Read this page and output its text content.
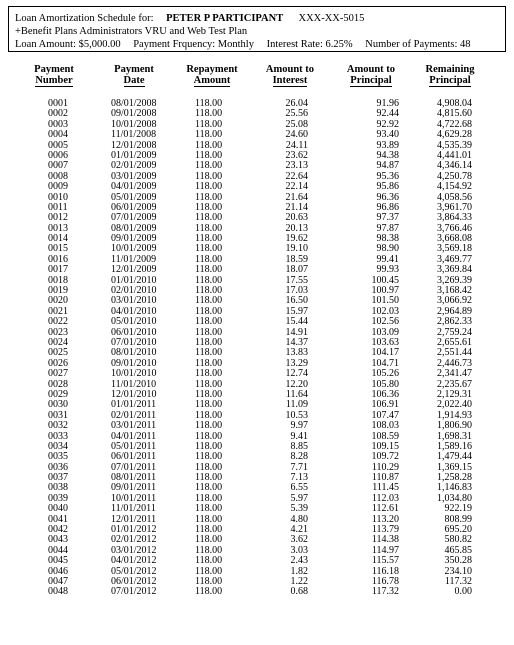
Loan Amortization Schedule for: PETER P PARTICIPANT XXX-XX-5015
+Benefit Plans Administrators VRU and Web Test Plan
Loan Amount: $5,000.00 Payment Frquency: Monthly Interest Rate: 6.25% Number of Payments: 48
Payment
Number
Payment
Date
Repayment
Amount
Amount to
Interest
Amount to
Principal
Remaining
Principal
0001	08/01/2008	118.00	26.04	91.96	4,908.04
0002	09/01/2008	118.00	25.56	92.44	4,815.60
0003	10/01/2008	118.00	25.08	92.92	4,722.68
0004	11/01/2008	118.00	24.60	93.40	4,629.28
0005	12/01/2008	118.00	24.11	93.89	4,535.39
0006	01/01/2009	118.00	23.62	94.38	4,441.01
0007	02/01/2009	118.00	23.13	94.87	4,346.14
0008	03/01/2009	118.00	22.64	95.36	4,250.78
0009	04/01/2009	118.00	22.14	95.86	4,154.92
0010	05/01/2009	118.00	21.64	96.36	4,058.56
0011	06/01/2009	118.00	21.14	96.86	3,961.70
0012	07/01/2009	118.00	20.63	97.37	3,864.33
0013	08/01/2009	118.00	20.13	97.87	3,766.46
0014	09/01/2009	118.00	19.62	98.38	3,668.08
0015	10/01/2009	118.00	19.10	98.90	3,569.18
0016	11/01/2009	118.00	18.59	99.41	3,469.77
0017	12/01/2009	118.00	18.07	99.93	3,369.84
0018	01/01/2010	118.00	17.55	100.45	3,269.39
0019	02/01/2010	118.00	17.03	100.97	3,168.42
0020	03/01/2010	118.00	16.50	101.50	3,066.92
0021	04/01/2010	118.00	15.97	102.03	2,964.89
0022	05/01/2010	118.00	15.44	102.56	2,862.33
0023	06/01/2010	118.00	14.91	103.09	2,759.24
0024	07/01/2010	118.00	14.37	103.63	2,655.61
0025	08/01/2010	118.00	13.83	104.17	2,551.44
0026	09/01/2010	118.00	13.29	104.71	2,446.73
0027	10/01/2010	118.00	12.74	105.26	2,341.47
0028	11/01/2010	118.00	12.20	105.80	2,235.67
0029	12/01/2010	118.00	11.64	106.36	2,129.31
0030	01/01/2011	118.00	11.09	106.91	2,022.40
0031	02/01/2011	118.00	10.53	107.47	1,914.93
0032	03/01/2011	118.00	9.97	108.03	1,806.90
0033	04/01/2011	118.00	9.41	108.59	1,698.31
0034	05/01/2011	118.00	8.85	109.15	1,589.16
0035	06/01/2011	118.00	8.28	109.72	1,479.44
0036	07/01/2011	118.00	7.71	110.29	1,369.15
0037	08/01/2011	118.00	7.13	110.87	1,258.28
0038	09/01/2011	118.00	6.55	111.45	1,146.83
0039	10/01/2011	118.00	5.97	112.03	1,034.80
0040	11/01/2011	118.00	5.39	112.61	922.19
0041	12/01/2011	118.00	4.80	113.20	808.99
0042	01/01/2012	118.00	4.21	113.79	695.20
0043	02/01/2012	118.00	3.62	114.38	580.82
0044	03/01/2012	118.00	3.03	114.97	465.85
0045	04/01/2012	118.00	2.43	115.57	350.28
0046	05/01/2012	118.00	1.82	116.18	234.10
0047	06/01/2012	118.00	1.22	116.78	117.32
0048	07/01/2012	118.00	0.68	117.32	0.00
